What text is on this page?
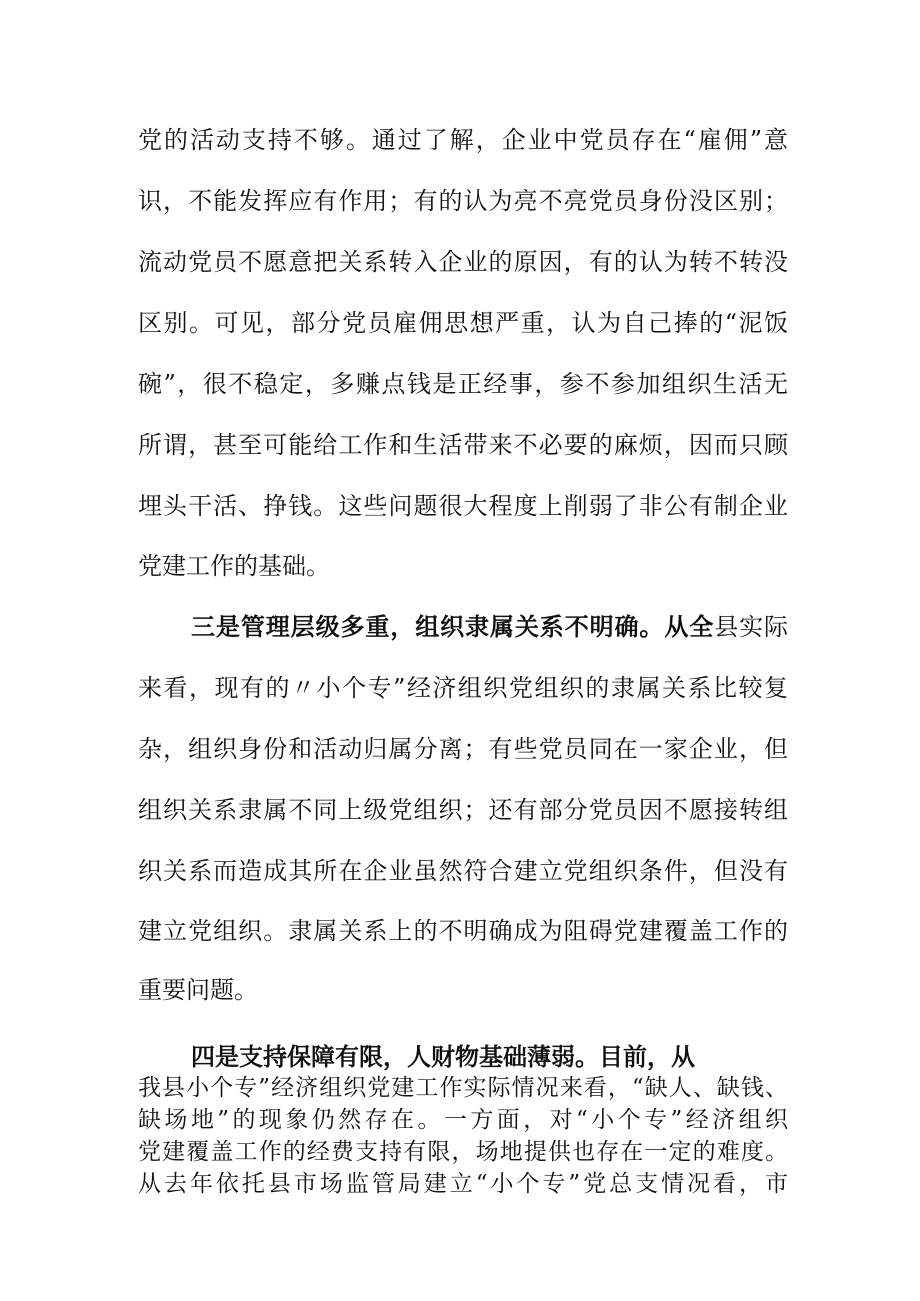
党的活动支持不够。通过了解，企业中党员存在“雇佣”意
识，不能发挥应有作用；有的认为亮不亮党员身份没区别；
流动党员不愿意把关系转入企业的原因，有的认为转不转没
区别。可见，部分党员雇佣思想严重，认为自己捧的“泥饭
碗”，很不稳定，多赚点钱是正经事，参不参加组织生活无
所谓，甚至可能给工作和生活带来不必要的麻烦，因而只顾
埋头干活、挣钱。这些问题很大程度上削弱了非公有制企业
党建工作的基础。
三是管理层级多重，组织隶属关系不明确。从全县实际
来看，现有的〃小个专”经济组织党组织的隶属关系比较复
杂，组织身份和活动归属分离；有些党员同在一家企业，但
组织关系隶属不同上级党组织；还有部分党员因不愿接转组
织关系而造成其所在企业虽然符合建立党组织条件，但没有
建立党组织。隶属关系上的不明确成为阻碍党建覆盖工作的
重要问题。
四是支持保障有限，人财物基础薄弱。目前，从
我县小个专”经济组织党建工作实际情况来看，“缺人、缺钱、
缺场地”的现象仍然存在。一方面，对“小个专”经济组织
党建覆盖工作的经费支持有限，场地提供也存在一定的难度。
从去年依托县市场监管局建立“小个专”党总支情况看，市
